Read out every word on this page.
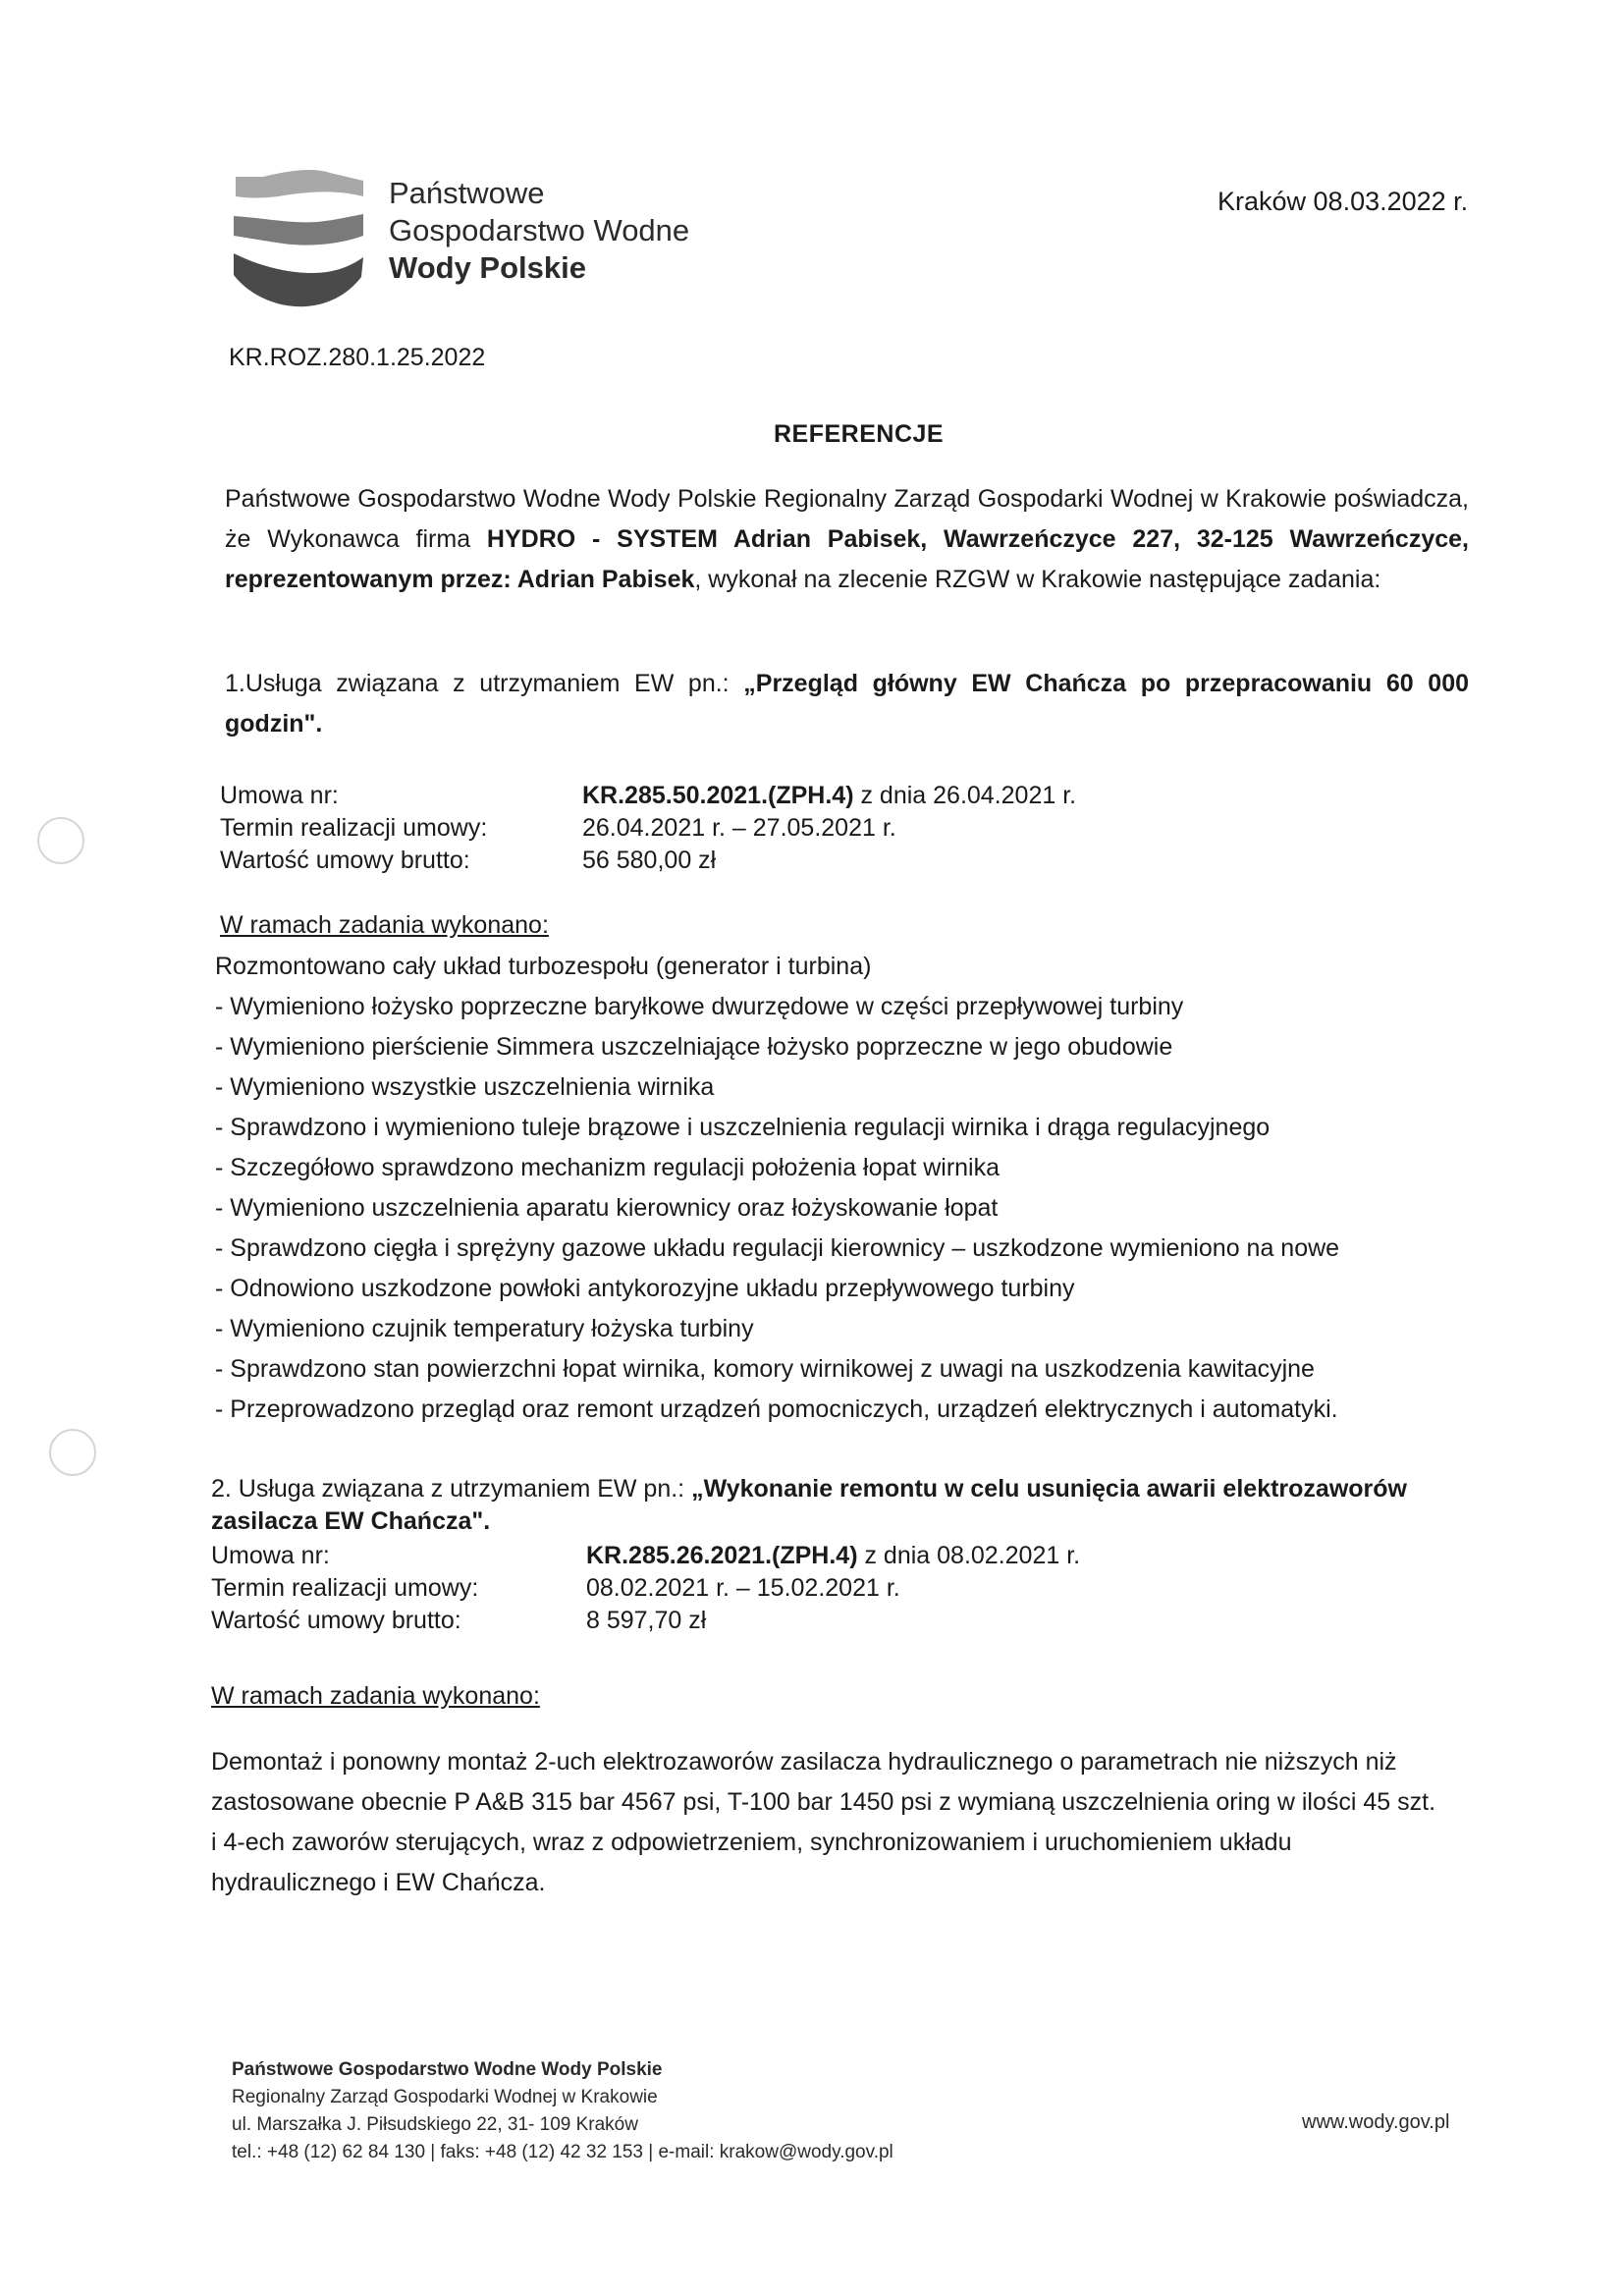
Państwowe
Gospodarstwo Wodne
Wody Polskie
Kraków 08.03.2022 r.
KR.ROZ.280.1.25.2022
REFERENCJE
Państwowe Gospodarstwo Wodne Wody Polskie Regionalny Zarząd Gospodarki Wodnej w Krakowie poświadcza, że Wykonawca firma HYDRO - SYSTEM Adrian Pabisek, Wawrzeńczyce 227, 32-125 Wawrzeńczyce, reprezentowanym przez: Adrian Pabisek, wykonał na zlecenie RZGW w Krakowie następujące zadania:
1.Usługa związana z utrzymaniem EW pn.: „Przegląd główny EW Chańcza po przepracowaniu 60 000 godzin".
Umowa nr:	KR.285.50.2021.(ZPH.4) z dnia 26.04.2021 r.
Termin realizacji umowy:	26.04.2021 r. – 27.05.2021 r.
Wartość umowy brutto:	56 580,00 zł
W ramach zadania wykonano:
Rozmontowano cały układ turbozespołu (generator i turbina)
- Wymieniono łożysko poprzeczne baryłkowe dwurzędowe w części przepływowej turbiny
- Wymieniono pierścienie Simmera uszczelniające łożysko poprzeczne w jego obudowie
- Wymieniono wszystkie uszczelnienia wirnika
- Sprawdzono i wymieniono tuleje brązowe i uszczelnienia regulacji wirnika i drąga regulacyjnego
- Szczegółowo sprawdzono mechanizm regulacji położenia łopat wirnika
- Wymieniono uszczelnienia aparatu kierownicy oraz łożyskowanie łopat
- Sprawdzono cięgła i sprężyny gazowe układu regulacji kierownicy – uszkodzone wymieniono na nowe
- Odnowiono uszkodzone powłoki antykorozyjne układu przepływowego turbiny
- Wymieniono czujnik temperatury łożyska turbiny
- Sprawdzono stan powierzchni łopat wirnika, komory wirnikowej z uwagi na uszkodzenia kawitacyjne
- Przeprowadzono przegląd oraz remont urządzeń pomocniczych, urządzeń elektrycznych i automatyki.
2. Usługa związana z utrzymaniem EW pn.: „Wykonanie remontu w celu usunięcia awarii elektrozaworów zasilacza EW Chańcza".
Umowa nr:	KR.285.26.2021.(ZPH.4) z dnia 08.02.2021 r.
Termin realizacji umowy:	08.02.2021 r. – 15.02.2021 r.
Wartość umowy brutto:	8 597,70 zł
W ramach zadania wykonano:
Demontaż i ponowny montaż 2-uch elektrozaworów zasilacza hydraulicznego o parametrach nie niższych niż zastosowane obecnie P A&B 315 bar 4567 psi, T-100 bar 1450 psi z wymianą uszczelnienia oring w ilości 45 szt. i 4-ech zaworów sterujących, wraz z odpowietrzeniem, synchronizowaniem i uruchomieniem układu hydraulicznego i EW Chańcza.
Państwowe Gospodarstwo Wodne Wody Polskie
Regionalny Zarząd Gospodarki Wodnej w Krakowie
ul. Marszałka J. Piłsudskiego 22, 31- 109 Kraków
tel.: +48 (12) 62 84 130 | faks: +48 (12) 42 32 153 | e-mail: krakow@wody.gov.pl
www.wody.gov.pl
